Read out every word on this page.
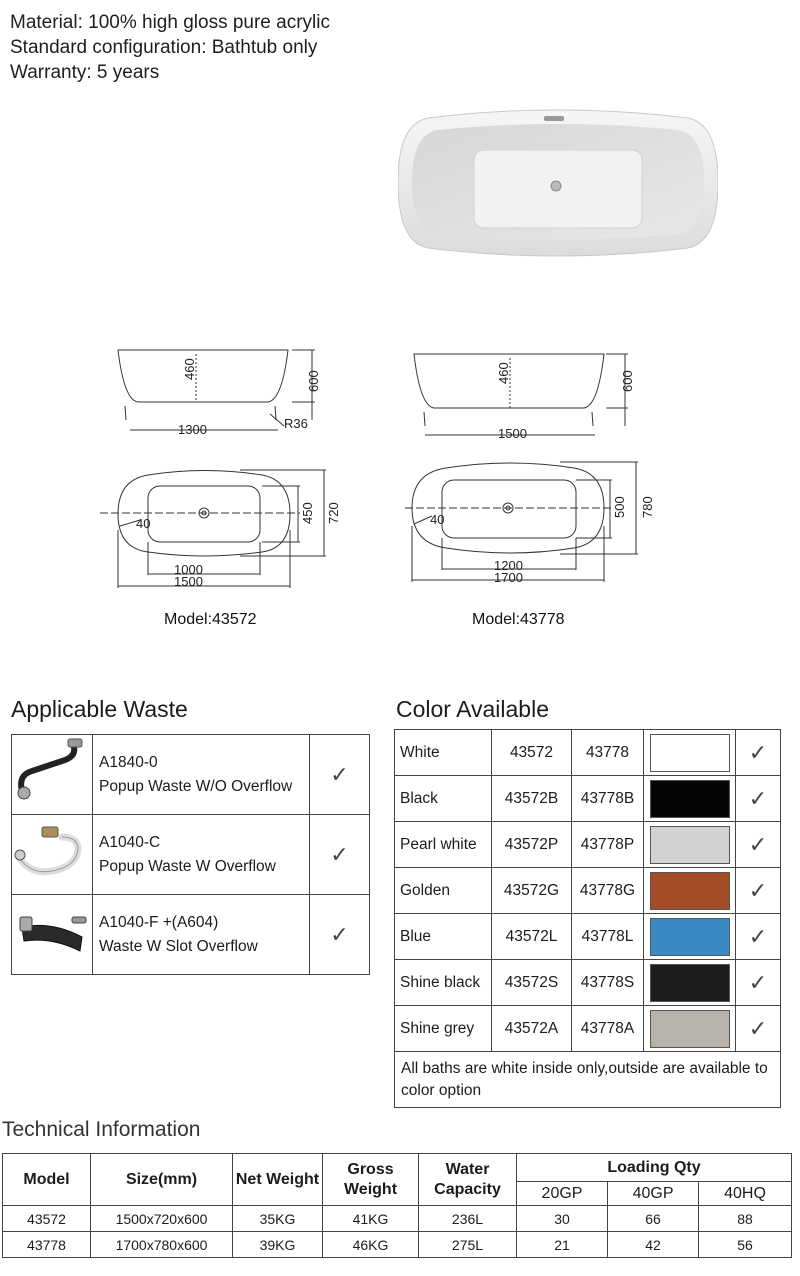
Material: 100% high gloss pure acrylic
Standard configuration: Bathtub only
Warranty: 5 years
460
600
1300	R36
40
1000
1500
450 720
460	600
1500
40
1200
1700
500 780
Model:43572	Model:43778
Applicable Waste

A1840-0
Popup Waste W/O Overflow	✓

A1040-C
Popup Waste W Overflow	✓

A1040-F +(A604)
Waste W Slot Overflow	✓
Color Available
White	43572	43778		✓
Black	43572B	43778B		✓
Pearl white	43572P	43778P		✓
Golden	43572G	43778G		✓
Blue	43572L	43778L		✓
Shine black	43572S	43778S		✓
Shine grey	43572A	43778A		✓
All baths are white inside only,outside are available to color option				
Technical Information
Model	Size(mm)	Net Weight	Gross Weight	Water Capacity	Loading Qty		
					20GP	40GP	40HQ
43572	1500x720x600	35KG	41KG	236L	30	66	88
43778	1700x780x600	39KG	46KG	275L	21	42	56
